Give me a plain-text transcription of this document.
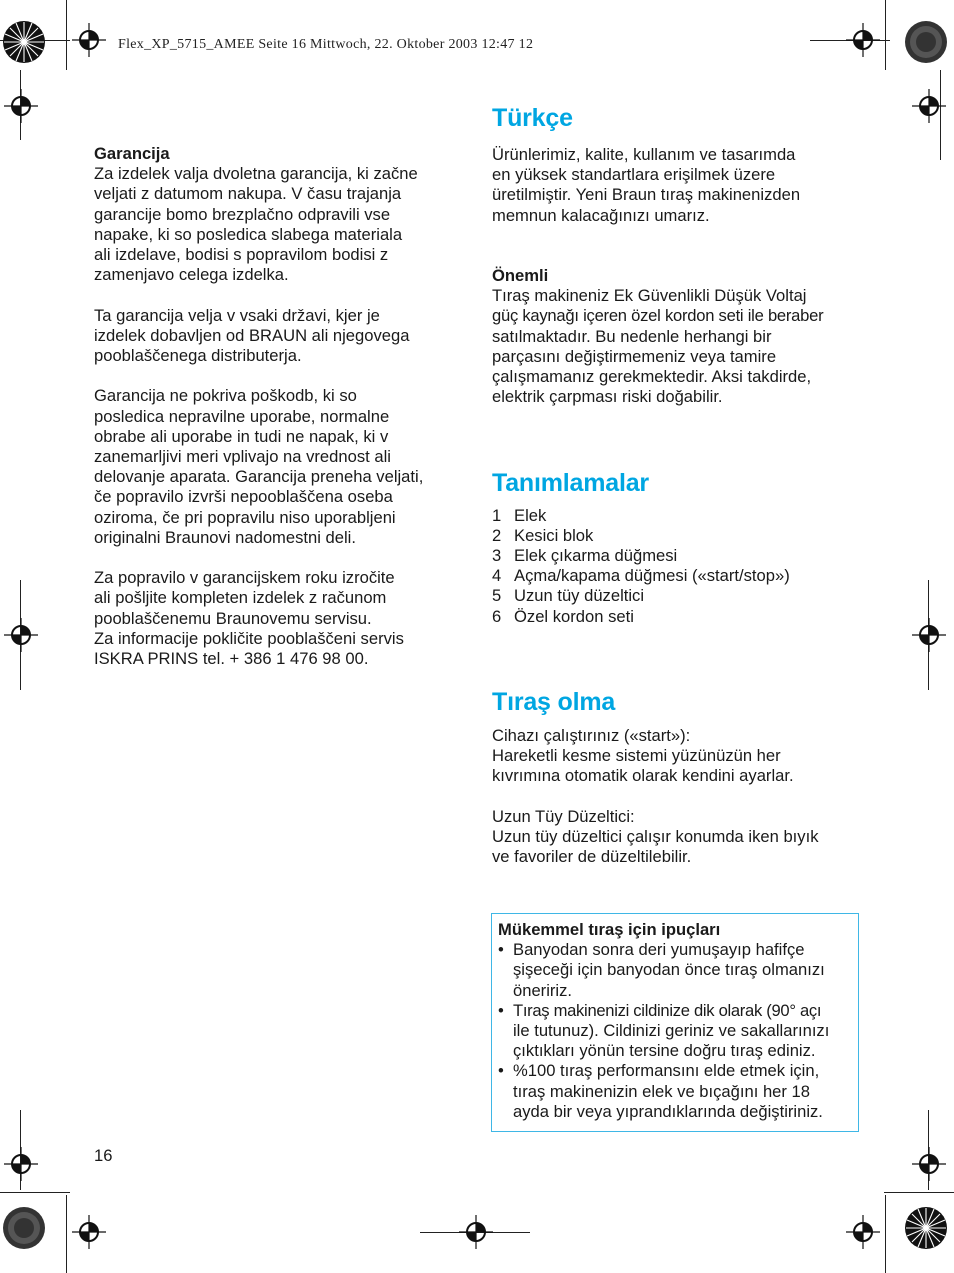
Flex_XP_5715_AMEE Seite 16 Mittwoch, 22. Oktober 2003 12:47 12
Garancija
Za izdelek valja dvoletna garancija, ki začne
veljati z datumom nakupa. V času trajanja
garancije bomo brezplačno odpravili vse
napake, ki so posledica slabega materiala
ali izdelave, bodisi s popravilom bodisi z
zamenjavo celega izdelka.
Ta garancija velja v vsaki državi, kjer je
izdelek dobavljen od BRAUN ali njegovega
pooblaščenega distributerja.
Garancija ne pokriva poškodb, ki so
posledica nepravilne uporabe, normalne
obrabe ali uporabe in tudi ne napak, ki v
zanemarljivi meri vplivajo na vrednost ali
delovanje aparata. Garancija preneha veljati,
če popravilo izvrši nepooblaščena oseba
oziroma, če pri popravilu niso uporabljeni
originalni Braunovi nadomestni deli.
Za popravilo v garancijskem roku izročite
ali pošljite kompleten izdelek z računom
pooblaščenemu Braunovemu servisu.
Za informacije pokličite pooblaščeni servis
ISKRA PRINS tel. + 386 1 476 98 00.
Türkçe
Ürünlerimiz, kalite, kullanım ve tasarımda
en yüksek standartlara erişilmek üzere
üretilmiştir. Yeni Braun tıraş makinenizden
memnun kalacağınızı umarız.
Önemli
Tıraş makineniz Ek Güvenlikli Düşük Voltaj
güç kaynağı içeren özel kordon seti ile beraber
satılmaktadır. Bu nedenle herhangi bir
parçasını değiştirmemeniz veya tamire
çalışmamanız gerekmektedir. Aksi takdirde,
elektrik çarpması riski doğabilir.
Tanımlamalar
1 Elek
2 Kesici blok
3 Elek çıkarma düğmesi
4 Açma/kapama düğmesi («start/stop»)
5 Uzun tüy düzeltici
6 Özel kordon seti
Tıraş olma
Cihazı çalıştırınız («start»):
Hareketli kesme sistemi yüzünüzün her
kıvrımına otomatik olarak kendini ayarlar.
Uzun Tüy Düzeltici:
Uzun tüy düzeltici çalışır konumda iken bıyık
ve favoriler de düzeltilebilir.
Mükemmel tıraş için ipuçları
• Banyodan sonra deri yumuşayıp hafifçe
şişeceği için banyodan önce tıraş olmanızı
öneririz.
• Tıraş makinenizi cildinize dik olarak (90° açı
ile tutunuz). Cildinizi geriniz ve sakallarınızı
çıktıkları yönün tersine doğru tıraş ediniz.
• %100 tıraş performansını elde etmek için,
tıraş makinenizin elek ve bıçağını her 18
ayda bir veya yıprandıklarında değiştiriniz.
16
